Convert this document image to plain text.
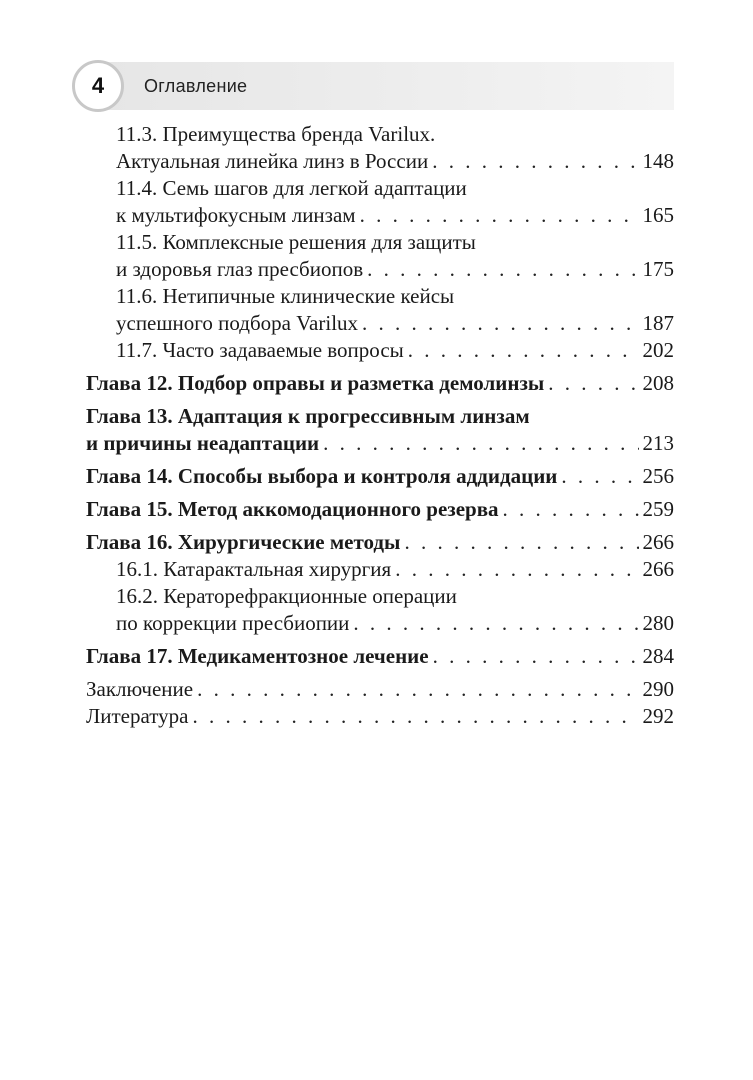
4	Оглавление
11.3. Преимущества бренда Varilux.
Актуальная линейка линз в России . . .	148
11.4. Семь шагов для легкой адаптации
к мультифокусным линзам . . .	165
11.5. Комплексные решения для защиты
и здоровья глаз пресбиопов . . .	175
11.6. Нетипичные клинические кейсы
успешного подбора Varilux . . .	187
11.7. Часто задаваемые вопросы . . .	202
Глава 12. Подбор оправы и разметка демолинзы . . .	208
Глава 13. Адаптация к прогрессивным линзам
и причины неадаптации . . .	213
Глава 14. Способы выбора и контроля аддидации . . .	256
Глава 15. Метод аккомодационного резерва . . .	259
Глава 16. Хирургические методы . . .	266
16.1. Катарактальная хирургия . . .	266
16.2. Кераторефракционные операции
по коррекции пресбиопии . . .	280
Глава 17. Медикаментозное лечение . . .	284
Заключение . . .	290
Литература . . .	292
